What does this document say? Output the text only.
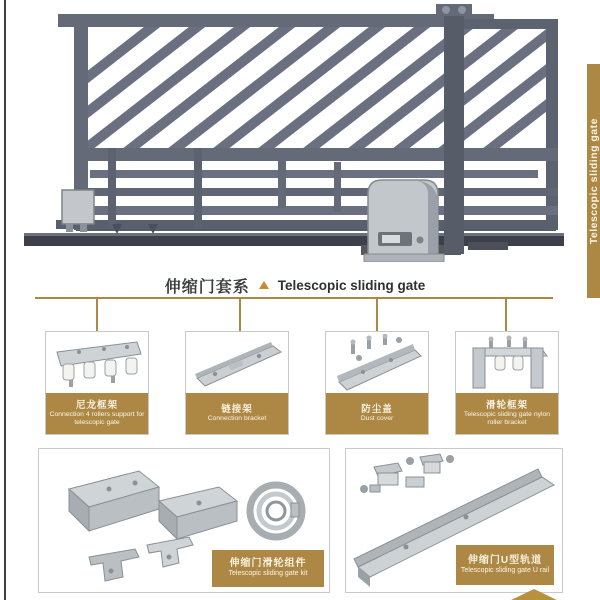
Telescopic sliding gate
伸缩门套系 Telescopic sliding gate
尼龙框架
Connection 4 rollers support for telescopic gate
链接架
Connection bracket
防尘盖
Dust cover
滑轮框架
Telescopic sliding gate nylon roller bracket
伸缩门滑轮组件
Telescopic sliding gate kit
伸缩门U型轨道
Telescopic sliding gate U rail
